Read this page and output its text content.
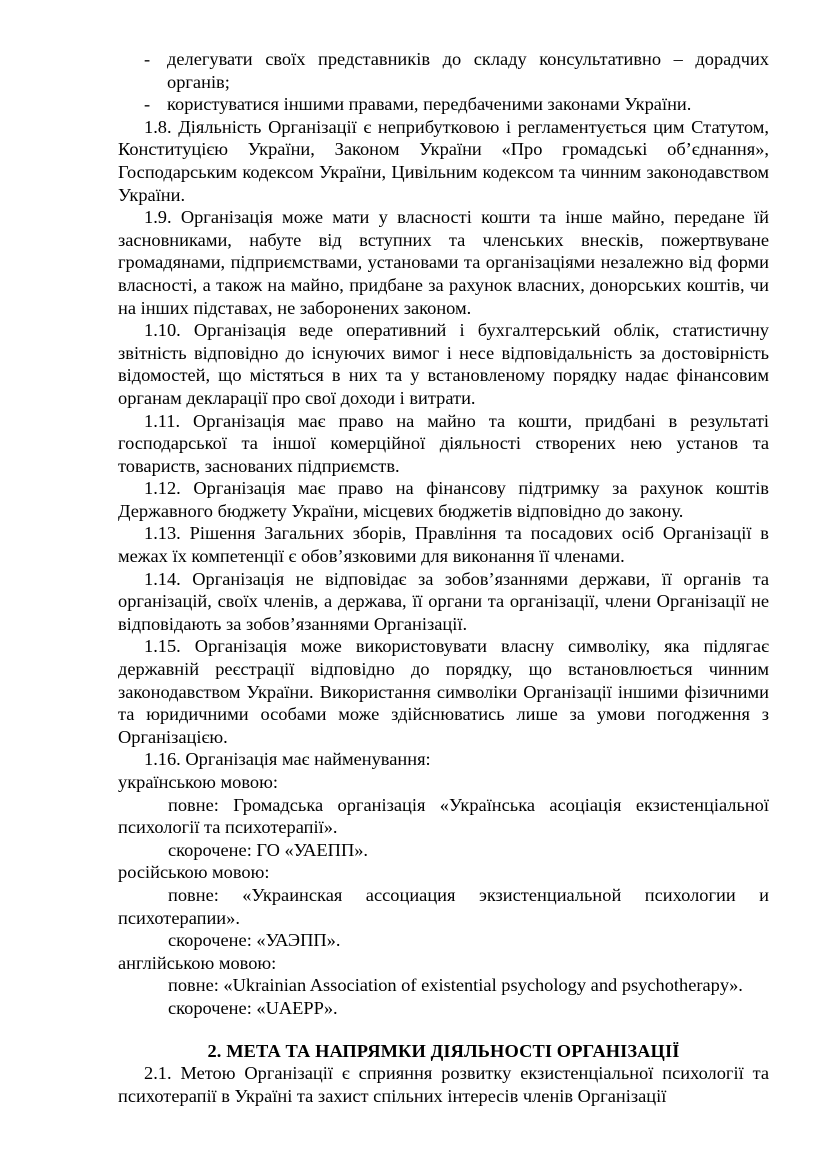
- делегувати своїх представників до складу консультативно – дорадчих органів;

- користуватися іншими правами, передбаченими законами України.

1.8. Діяльність Організації є неприбутковою і регламентується цим Статутом, Конституцією України, Законом України «Про громадські об’єднання», Господарським кодексом України, Цивільним кодексом та чинним законодавством України.

1.9. Організація може мати у власності кошти та інше майно, передане їй засновниками, набуте від вступних та членських внесків, пожертвуване громадянами, підприємствами, установами та організаціями незалежно від форми власності, а також на майно, придбане за рахунок власних, донорських коштів, чи на інших підставах, не заборонених законом.

1.10. Організація веде оперативний і бухгалтерський облік, статистичну звітність відповідно до існуючих вимог і несе відповідальність за достовірність відомостей, що містяться в них та у встановленому порядку надає фінансовим органам декларації про свої доходи і витрати.

1.11. Організація має право на майно та кошти, придбані в результаті господарської та іншої комерційної діяльності створених нею установ та товариств, заснованих підприємств.

1.12. Організація має право на фінансову підтримку за рахунок коштів Державного бюджету України, місцевих бюджетів відповідно до закону.

1.13. Рішення Загальних зборів, Правління та посадових осіб Організації в межах їх компетенції є обов’язковими для виконання її членами.

1.14. Організація не відповідає за зобов’язаннями держави, її органів та організацій, своїх членів, а держава, її органи та організації, члени Організації не відповідають за зобов’язаннями Організації.

1.15. Організація може використовувати власну символіку, яка підлягає державній реєстрації відповідно до порядку, що встановлюється чинним законодавством України. Використання символіки Організації іншими фізичними та юридичними особами може здійснюватись лише за умови погодження з Організацією.

1.16. Організація має найменування:

українською мовою:

повне: Громадська організація «Українська асоціація екзистенціальної психології та психотерапії».

скорочене: ГО «УАЕПП».

російською мовою:

повне: «Украинская ассоциация экзистенциальной психологии и психотерапии».

скорочене: «УАЭПП».

англійською мовою:

повне: «Ukrainian Association of existential psychology and psychotherapy».

скорочене: «UAEPP».

2. МЕТА ТА НАПРЯМКИ ДІЯЛЬНОСТІ ОРГАНІЗАЦІЇ

2.1. Метою Організації є сприяння розвитку екзистенціальної психології та психотерапії в Україні та захист спільних інтересів членів Організації
